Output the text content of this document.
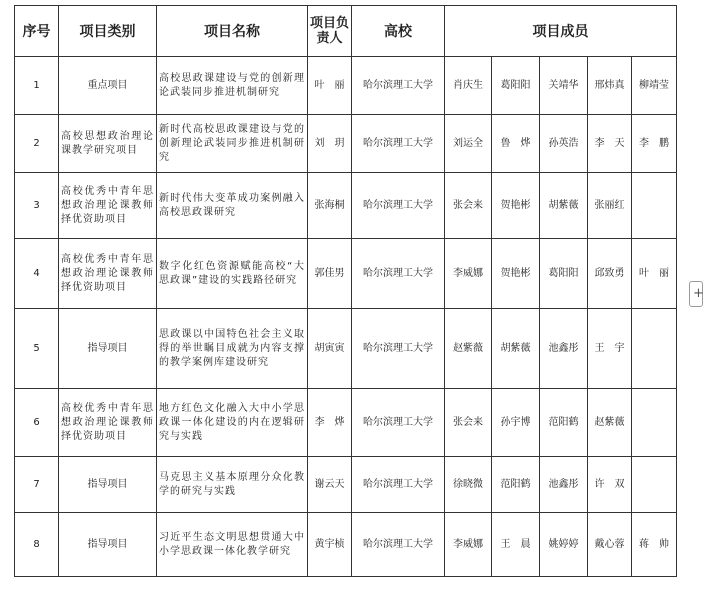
序号	项目类别	项目名称	项目负责人	高校	项目成员				
1	重点项目	高校思政课建设与党的创新理论武装同步推进机制研究	叶　丽	哈尔滨理工大学	肖庆生	葛阳阳	关靖华	邢炜真	柳靖莹
2	高校思想政治理论课教学研究项目	新时代高校思政课建设与党的创新理论武装同步推进机制研究	刘　玥	哈尔滨理工大学	刘运全	鲁　烨	孙英浩	李　天	李　鹏
3	高校优秀中青年思想政治理论课教师择优资助项目	新时代伟大变革成功案例融入高校思政课研究	张海桐	哈尔滨理工大学	张会来	贺艳彬	胡紫薇	张丽红	
4	高校优秀中青年思想政治理论课教师择优资助项目	数字化红色资源赋能高校“大思政课”建设的实践路径研究	郭佳男	哈尔滨理工大学	李威娜	贺艳彬	葛阳阳	邱致勇	叶　丽
5	指导项目	思政课以中国特色社会主义取得的举世瞩目成就为内容支撑的教学案例库建设研究	胡寅寅	哈尔滨理工大学	赵紫薇	胡紫薇	池鑫彤	王　宇	
6	高校优秀中青年思想政治理论课教师择优资助项目	地方红色文化融入大中小学思政课一体化建设的内在逻辑研究与实践	李　烨	哈尔滨理工大学	张会来	孙宇博	范阳鹤	赵紫薇	
7	指导项目	马克思主义基本原理分众化教学的研究与实践	谢云天	哈尔滨理工大学	徐晓微	范阳鹤	池鑫彤	许　双	
8	指导项目	习近平生态文明思想贯通大中小学思政课一体化教学研究	黄宇桢	哈尔滨理工大学	李威娜	王　晨	姚婷婷	戴心蓉	蒋　帅
+
